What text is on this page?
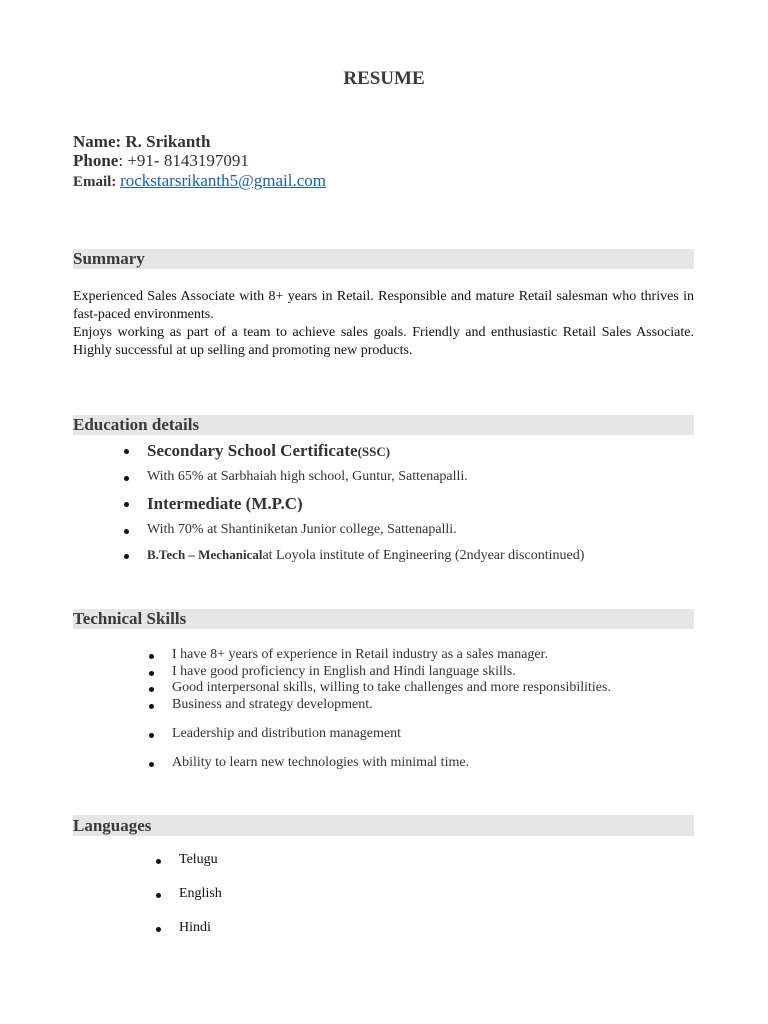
RESUME
Name: R. Srikanth
Phone: +91- 8143197091
Email: rockstarsrikanth5@gmail.com
Summary

Experienced Sales Associate with 8+ years in Retail. Responsible and mature Retail salesman who thrives in fast-paced environments.

Enjoys working as part of a team to achieve sales goals. Friendly and enthusiastic Retail Sales Associate. Highly successful at up selling and promoting new products.

Education details
Secondary School Certificate (SSC)
With 65% at Sarbhaiah high school, Guntur, Sattenapalli.
Intermediate (M.P.C)
With 70% at Shantiniketan Junior college, Sattenapalli.
B.Tech – Mechanical at Loyola institute of Engineering (2 nd year discontinued)
Technical Skills
I have 8+ years of experience in Retail industry as a sales manager.
I have good proficiency in English and Hindi language skills.
Good interpersonal skills, willing to take challenges and more responsibilities.
Business and strategy development.
Leadership and distribution management
Ability to learn new technologies with minimal time.
Languages
Telugu
English
Hindi
